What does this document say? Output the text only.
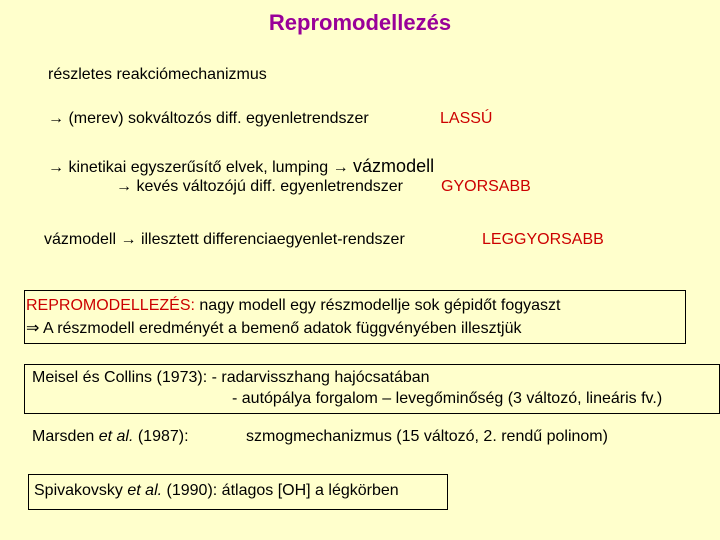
Repromodellezés
részletes reakciómechanizmus
→ (merev) sokváltozós diff. egyenletrendszer	LASSÚ
→ kinetikai egyszerűsítő elvek, lumping → vázmodell
→ kevés változójú diff. egyenletrendszer GYORSABB
vázmodell → illesztett differenciaegyenlet-rendszer	LEGGYORSABB
REPROMODELLEZÉS: nagy modell egy részmodellje sok gépidőt fogyaszt
⇒ A részmodell eredményét a bemenő adatok függvényében illesztjük
Meisel és Collins (1973): - radarvisszhang hajócsatában
- autópálya forgalom – levegőminőség (3 változó, lineáris fv.)
Marsden et al. (1987):	szmogmechanizmus (15 változó, 2. rendű polinom)
Spivakovsky et al. (1990): átlagos [OH] a légkörben
